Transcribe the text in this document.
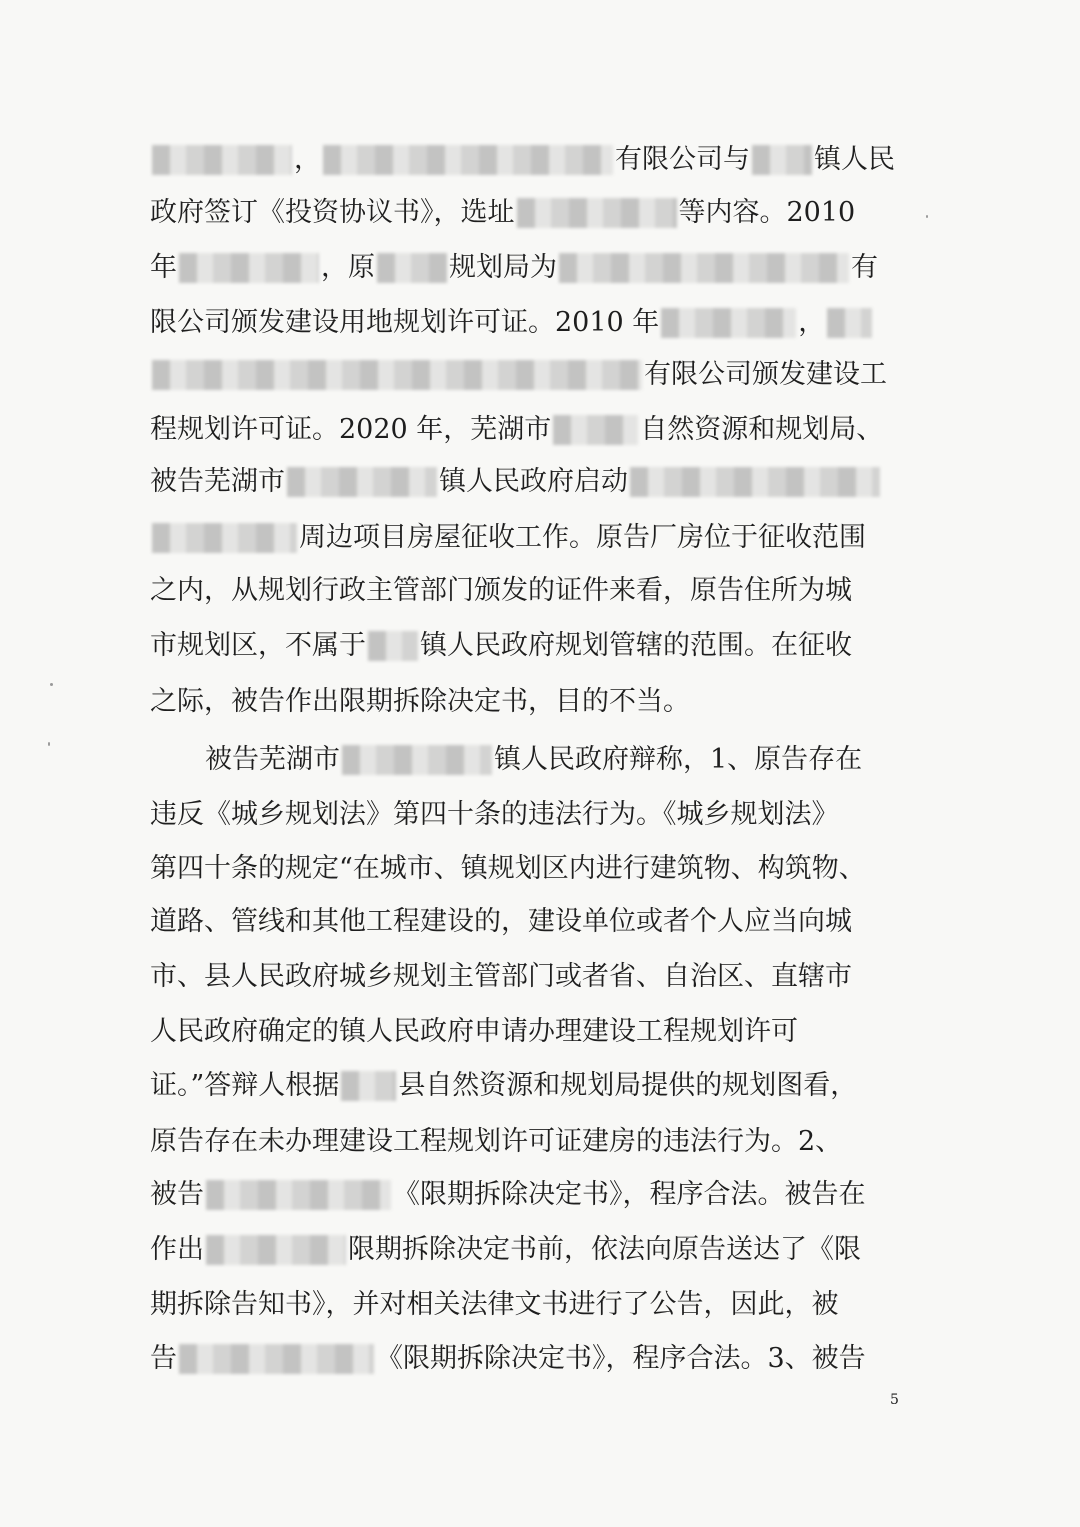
，	有限公司与 镇人民
政府签订《投资协议书》，选址	等内容。2010
年	，原	规划局为	有
限公司颁发建设用地规划许可证。2010 年	，
有限公司颁发建设工
程规划许可证。2020 年，芜湖市	自然资源和规划局、
被告芜湖市	镇人民政府启动
周边项目房屋征收工作。原告厂房位于征收范围
之内，从规划行政主管部门颁发的证件来看，原告住所为城
市规划区，不属于 镇人民政府规划管辖的范围。在征收
之际，被告作出限期拆除决定书，目的不当。
被告芜湖市	镇人民政府辩称，1、原告存在
违反《城乡规划法》第四十条的违法行为。《城乡规划法》
第四十条的规定“在城市、镇规划区内进行建筑物、构筑物、
道路、管线和其他工程建设的，建设单位或者个人应当向城
市、县人民政府城乡规划主管部门或者省、自治区、直辖市
人民政府确定的镇人民政府申请办理建设工程规划许可
证。”答辩人根据 县自然资源和规划局提供的规划图看，
原告存在未办理建设工程规划许可证建房的违法行为。2、
被告	《限期拆除决定书》，程序合法。被告在
作出	限期拆除决定书前，依法向原告送达了《限
期拆除告知书》，并对相关法律文书进行了公告，因此，被
告	《限期拆除决定书》，程序合法。3、被告
5
